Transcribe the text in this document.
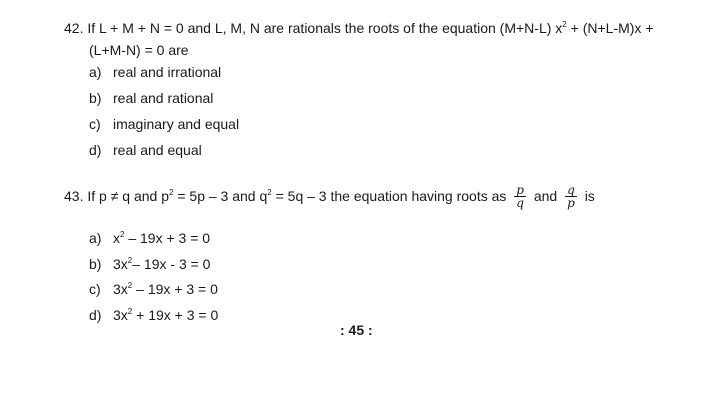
42. If L + M + N = 0 and L, M, N are rationals the roots of the equation (M+N-L) $x^2 + (N+L-M)x$ +
(L+M-N) = 0 are
a) real and irrational
b) real and rational
c) imaginary and equal
d) real and equal
43. If p ≠ q and $p^2 = 5p - 3$ and $q^2 = 5q - 3$ the equation having roots as $\frac{p}{q}$ and $\frac{q}{p}$ is
a) $x^2 - 19x + 3 = 0$
b) $3x^2-$ 19x - 3 = 0
c) $3x^2 - 19x + 3 = 0$
d) $3x^2 + 19x + 3 = 0$
: 45 :
